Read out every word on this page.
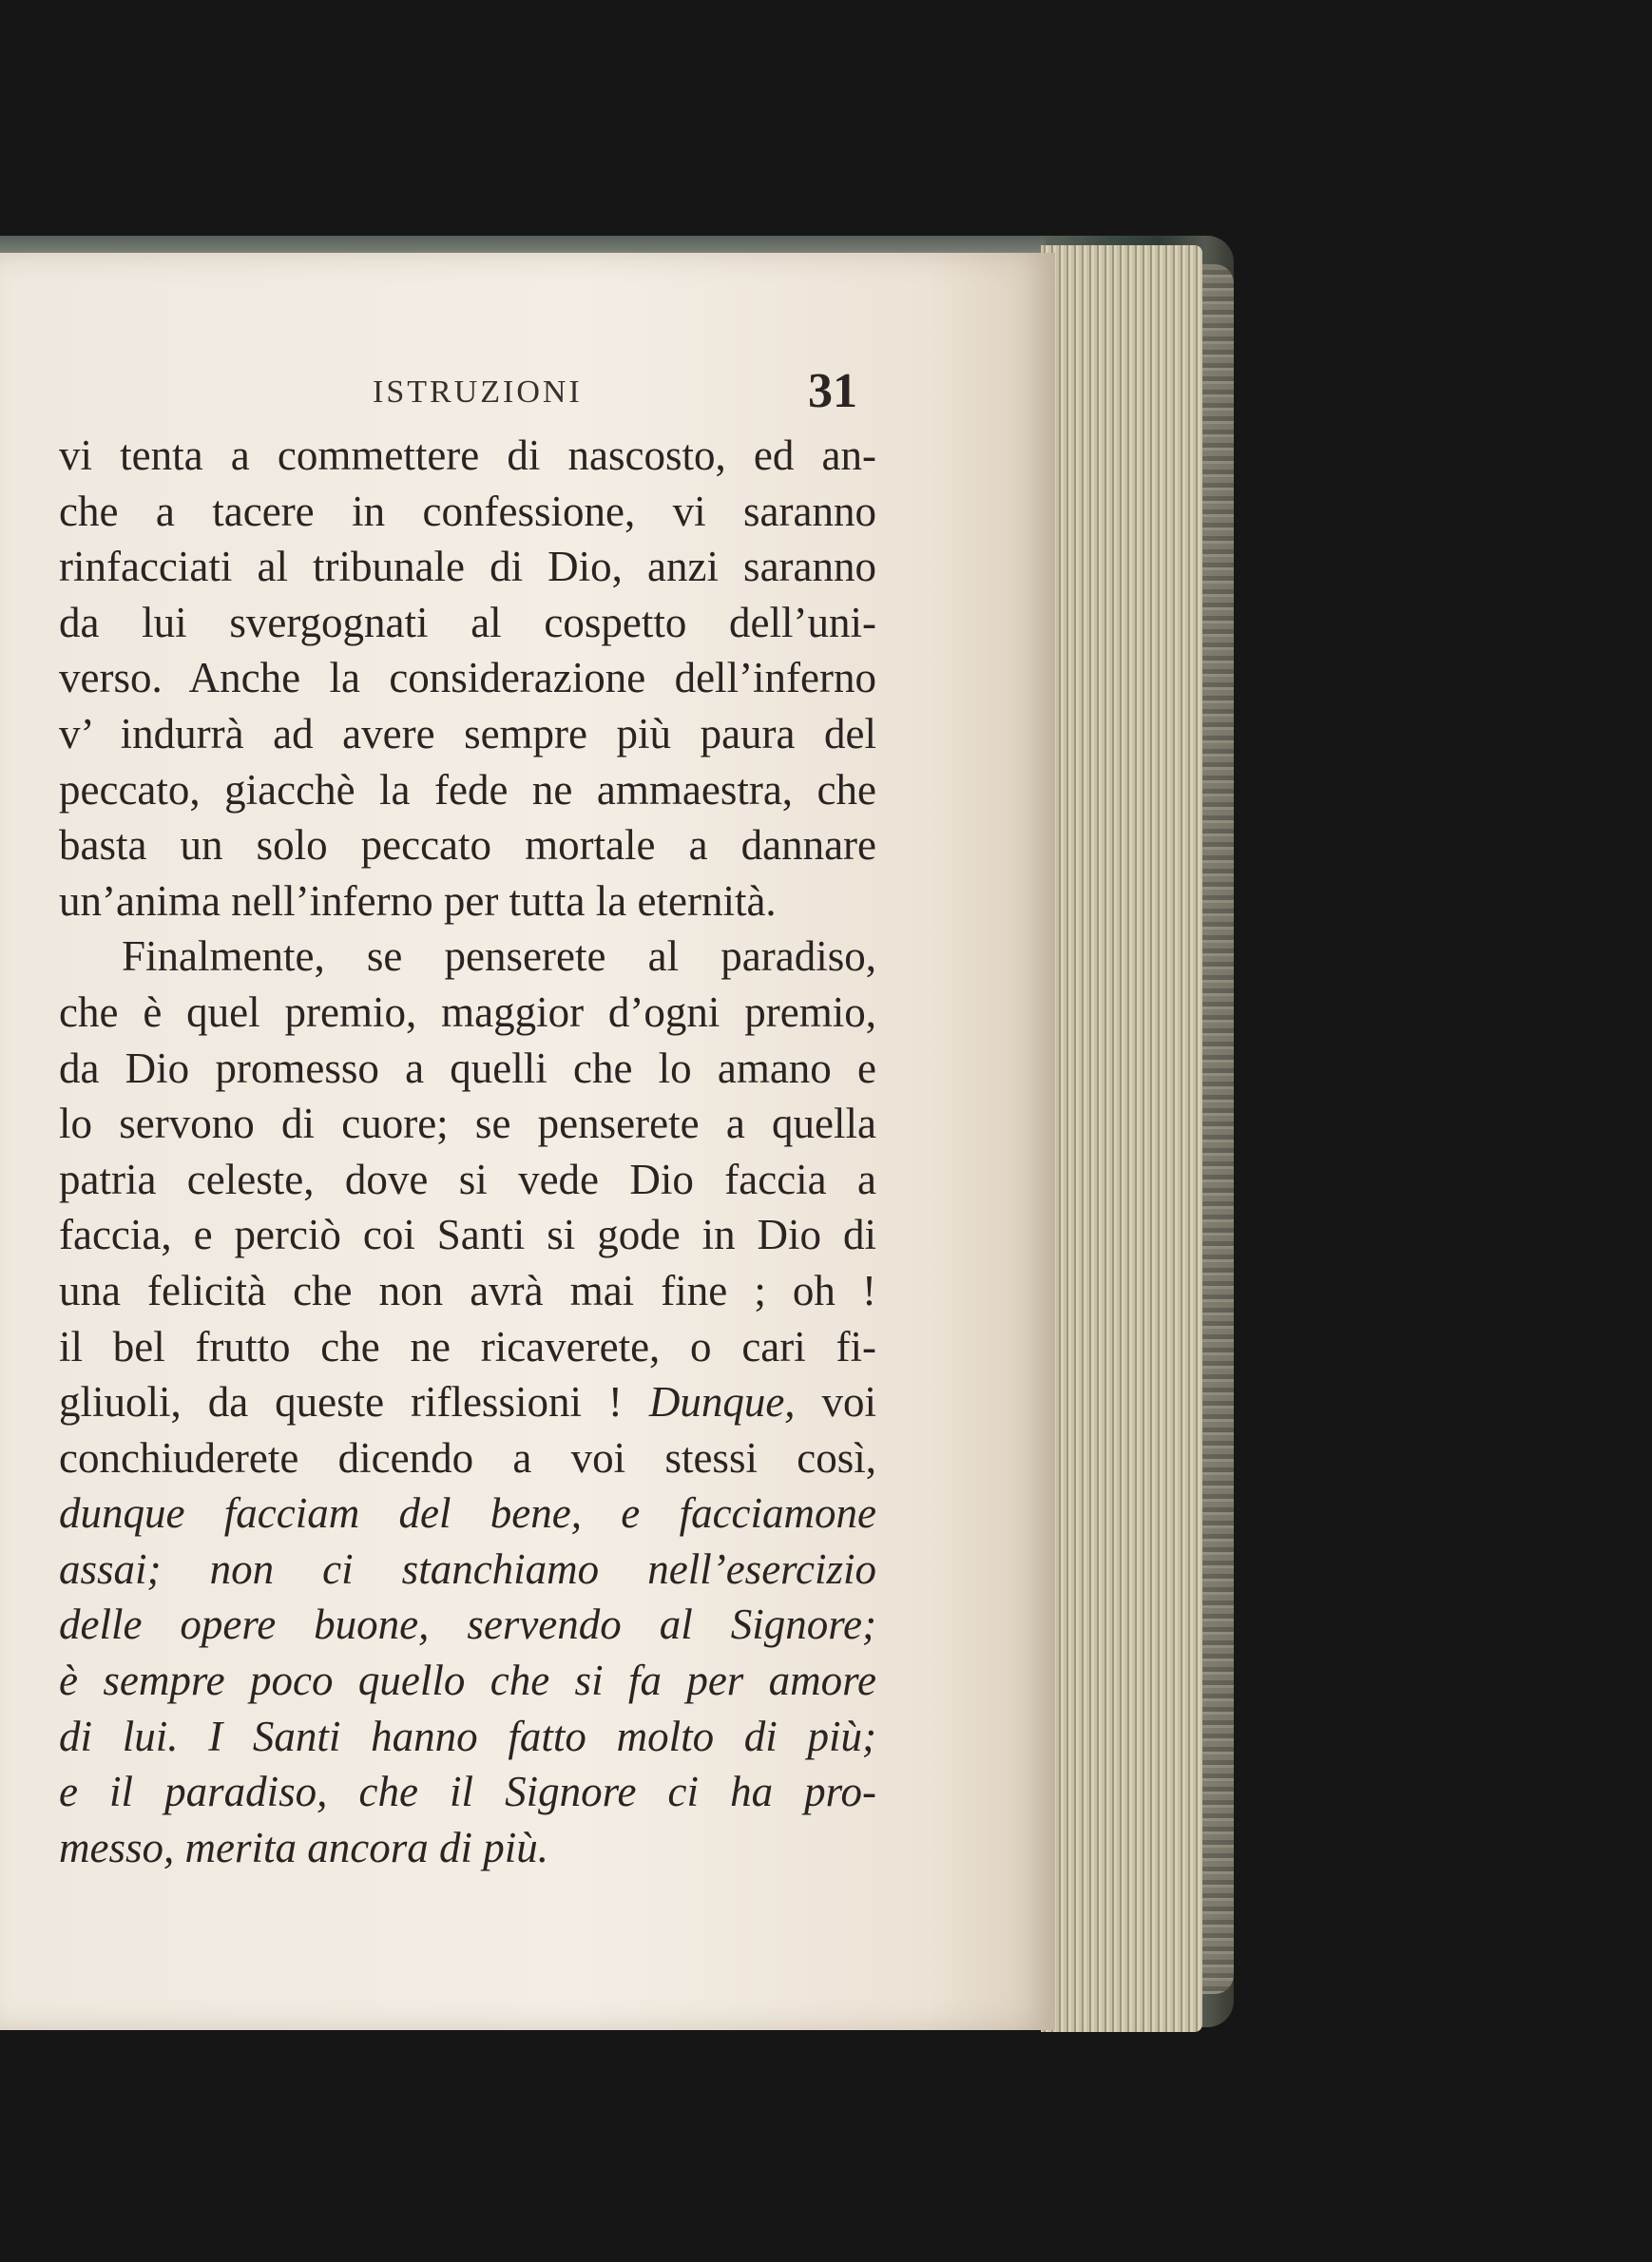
ISTRUZIONI	31
vi tenta a commettere di nascosto, ed an-
che a tacere in confessione, vi saranno
rinfacciati al tribunale di Dio, anzi saranno
da lui svergognati al cospetto dell’uni-
verso. Anche la considerazione dell’inferno
v’ indurrà ad avere sempre più paura del
peccato, giacchè la fede ne ammaestra, che
basta un solo peccato mortale a dannare
un’anima nell’inferno per tutta la eternità.
Finalmente, se penserete al paradiso,
che è quel premio, maggior d’ogni premio,
da Dio promesso a quelli che lo amano e
lo servono di cuore; se penserete a quella
patria celeste, dove si vede Dio faccia a
faccia, e perciò coi Santi si gode in Dio di
una felicità che non avrà mai fine ; oh !
il bel frutto che ne ricaverete, o cari fi-
gliuoli, da queste riflessioni ! Dunque, voi
conchiuderete dicendo a voi stessi così,
dunque facciam del bene, e facciamone
assai; non ci stanchiamo nell’esercizio
delle opere buone, servendo al Signore;
è sempre poco quello che si fa per amore
di lui. I Santi hanno fatto molto di più;
e il paradiso, che il Signore ci ha pro-
messo, merita ancora di più.
